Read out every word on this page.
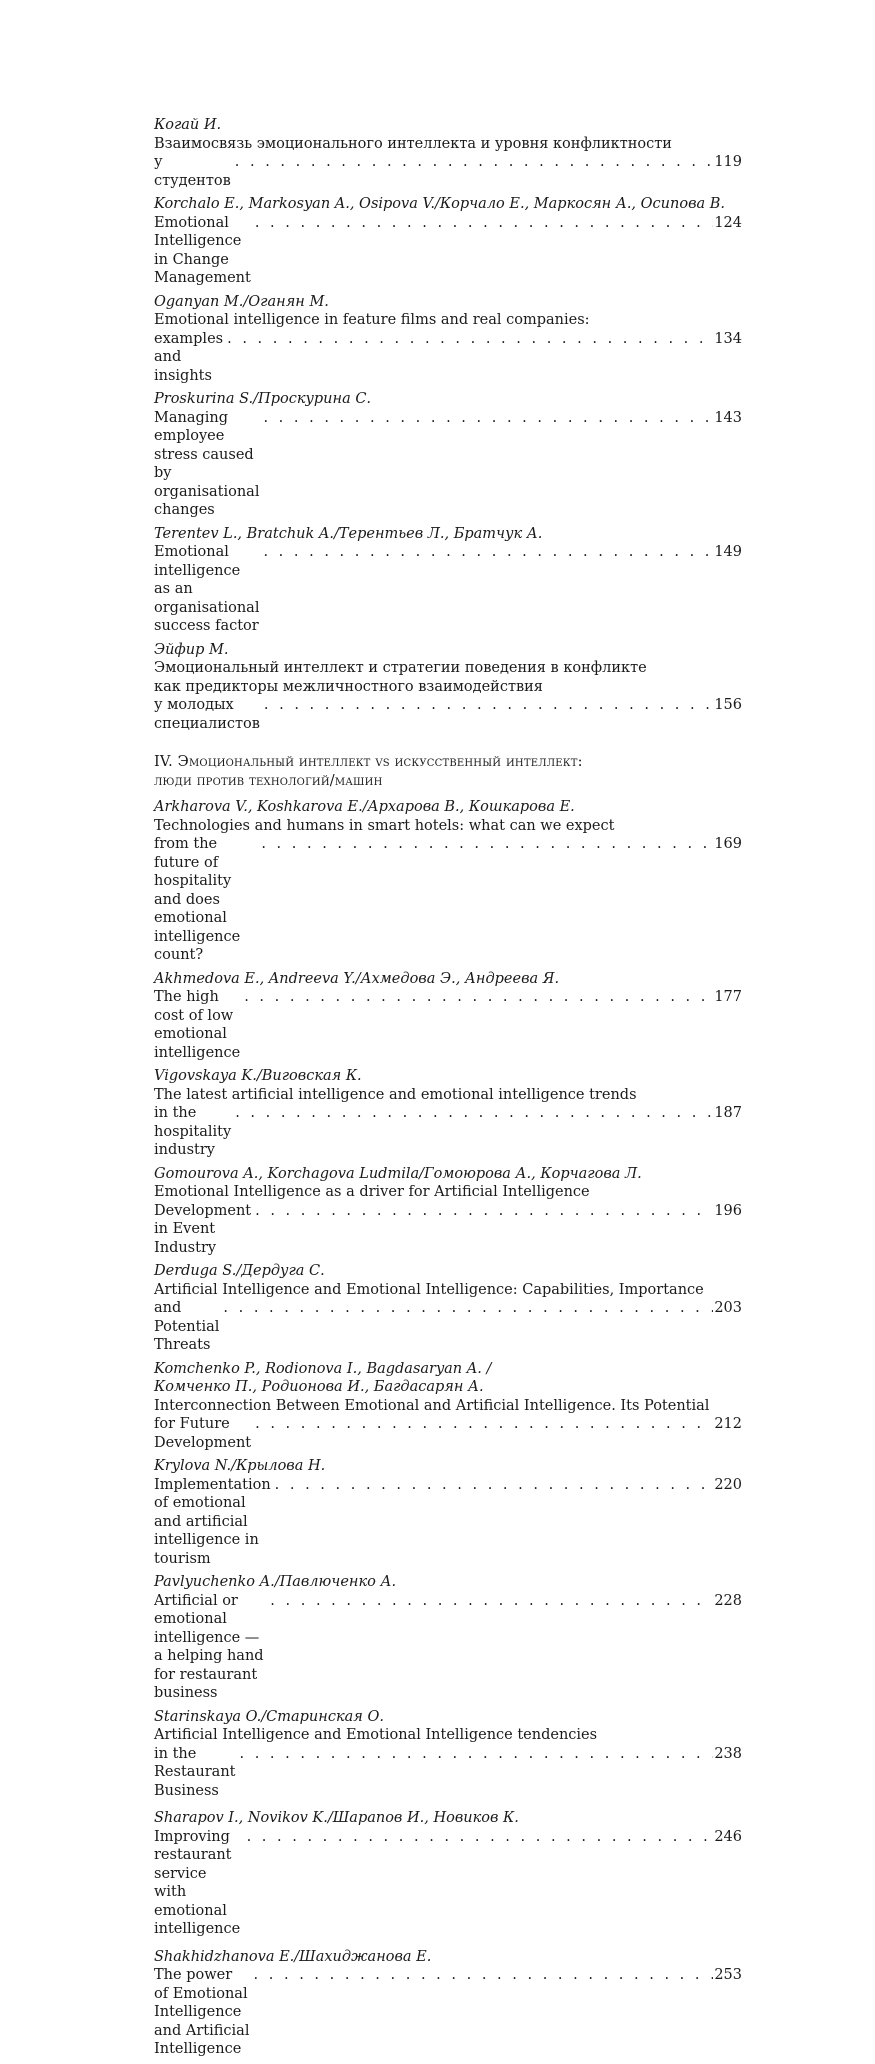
Когай И.
Взаимосвязь эмоционального интеллекта и уровня конфликтности
у студентов
. . .
119
Korchalo E., Markosyan A., Osipova V./Корчало Е., Маркосян А., Осипова В.
Emotional Intelligence in Change Management
. . .
124
Oganyan M./Оганян М.
Emotional intelligence in feature films and real companies:
examples and insights
. . .
134
Proskurina S./Проскурина С.
Managing employee stress caused by organisational changes
. . .
143
Terentev L., Bratchuk A./Терентьев Л., Братчук А.
Emotional intelligence as an organisational success factor
. . .
149
Эйфир М.
Эмоциональный интеллект и стратегии поведения в конфликте
как предикторы межличностного взаимодействия
у молодых специалистов
. . .
156
IV. Эмоциональный интеллект vs искусственный интеллект:
люди против технологий/машин
Arkharova V., Koshkarova E./Архарова В., Кошкарова Е.
Technologies and humans in smart hotels: what can we expect
from the future of hospitality and does emotional intelligence count?
. . .
169
Akhmedova E., Andreeva Y./Ахмедова Э., Андреева Я.
The high cost of low emotional intelligence
. . .
177
Vigovskaya K./Виговская К.
The latest artificial intelligence and emotional intelligence trends
in the hospitality industry
. . .
187
Gomourova A., Korchagova Ludmila/Гомоюрова А., Корчагова Л.
Emotional Intelligence as a driver for Artificial Intelligence
Development in Event Industry
. . .
196
Derduga S./Дердуга С.
Artificial Intelligence and Emotional Intelligence: Capabilities, Importance
and Potential Threats
. . .
203
Komchenko P., Rodionova I., Bagdasaryan A. /
Комченко П., Родионова И., Багдасарян А.
Interconnection Between Emotional and Artificial Intelligence. Its Potential
for Future Development
. . .
212
Krylova N./Крылова Н.
Implementation of emotional and artificial intelligence in tourism
. . .
220
Pavlyuchenko A./Павлюченко А.
Artificial or emotional intelligence — a helping hand for restaurant business
. . .
228
Starinskaya O./Старинская О.
Artificial Intelligence and Emotional Intelligence tendencies
in the Restaurant Business
. . .
238
Sharapov I., Novikov K./Шарапов И., Новиков К.
Improving restaurant service with emotional intelligence
. . .
246
Shakhidzhanova E./Шахиджанова Е.
The power of Emotional Intelligence and Artificial Intelligence
. . .
253
